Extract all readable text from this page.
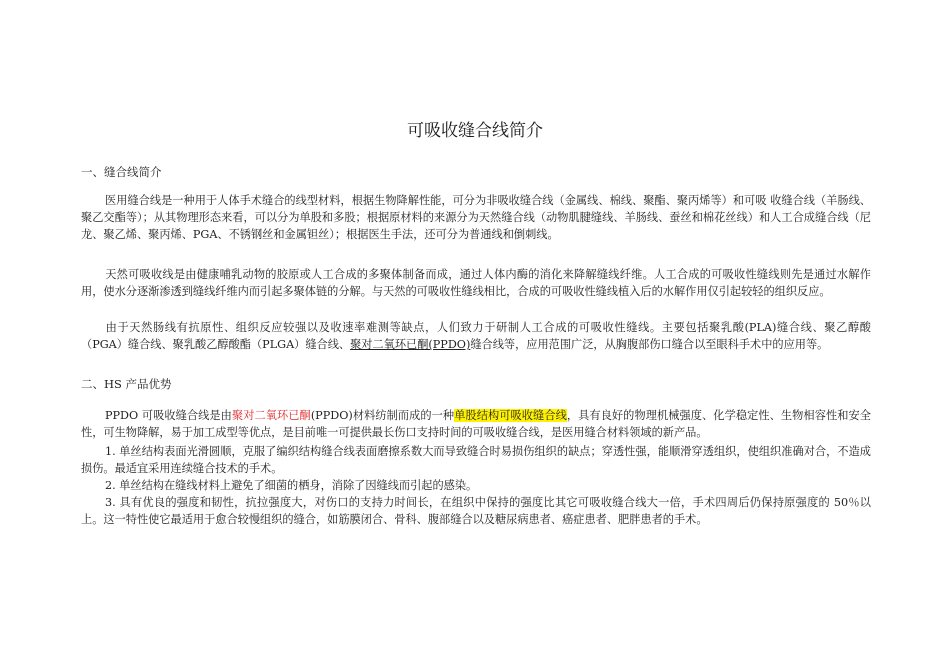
可吸收缝合线简介
一、缝合线简介
医用缝合线是一种用于人体手术缝合的线型材料，根据生物降解性能，可分为非吸收缝合线（金属线、棉线、聚酯、聚丙烯等）和可吸 收缝合线（羊肠线、聚乙交酯等）；从其物理形态来看，可以分为单股和多股；根据原材料的来源分为天然缝合线（动物肌腱缝线、羊肠线、蚕丝和棉花丝线）和人工合成缝合线（尼龙、聚乙烯、聚丙烯、PGA、不锈钢丝和金属钽丝）；根据医生手法，还可分为普通线和倒刺线。
天然可吸收线是由健康哺乳动物的胶原或人工合成的多聚体制备而成，通过人体内酶的消化来降解缝线纤维。人工合成的可吸收性缝线则先是通过水解作用，使水分逐渐渗透到缝线纤维内而引起多聚体链的分解。与天然的可吸收性缝线相比，合成的可吸收性缝线植入后的水解作用仅引起较轻的组织反应。
由于天然肠线有抗原性、组织反应较强以及收速率难测等缺点，人们致力于研制人工合成的可吸收性缝线。主要包括聚乳酸(PLA)缝合线、聚乙醇酸（PGA）缝合线、聚乳酸乙醇酸酯（PLGA）缝合线、聚对二氧环已酮(PPDO)缝合线等，应用范围广泛，从胸腹部伤口缝合以至眼科手术中的应用等。
二、HS 产品优势
PPDO 可吸收缝合线是由聚对二氧环已酮(PPDO)材料纺制而成的一种单股结构可吸收缝合线，具有良好的物理机械强度、化学稳定性、生物相容性和安全性，可生物降解，易于加工成型等优点，是目前唯一可提供最长伤口支持时间的可吸收缝合线，是医用缝合材料领域的新产品。
1. 单丝结构表面光滑圆顺，克服了编织结构缝合线表面磨擦系数大而导致缝合时易损伤组织的缺点；穿透性强，能顺滑穿透组织，使组织准确对合，不造成损伤。最适宜采用连续缝合技术的手术。
2. 单丝结构在缝线材料上避免了细菌的栖身，消除了因缝线而引起的感染。
3. 具有优良的强度和韧性，抗拉强度大，对伤口的支持力时间长，在组织中保持的强度比其它可吸收缝合线大一倍，手术四周后仍保持原强度的 50％以上。这一特性使它最适用于愈合较慢组织的缝合，如筋膜闭合、骨科、腹部缝合以及糖尿病患者、癌症患者、肥胖患者的手术。
